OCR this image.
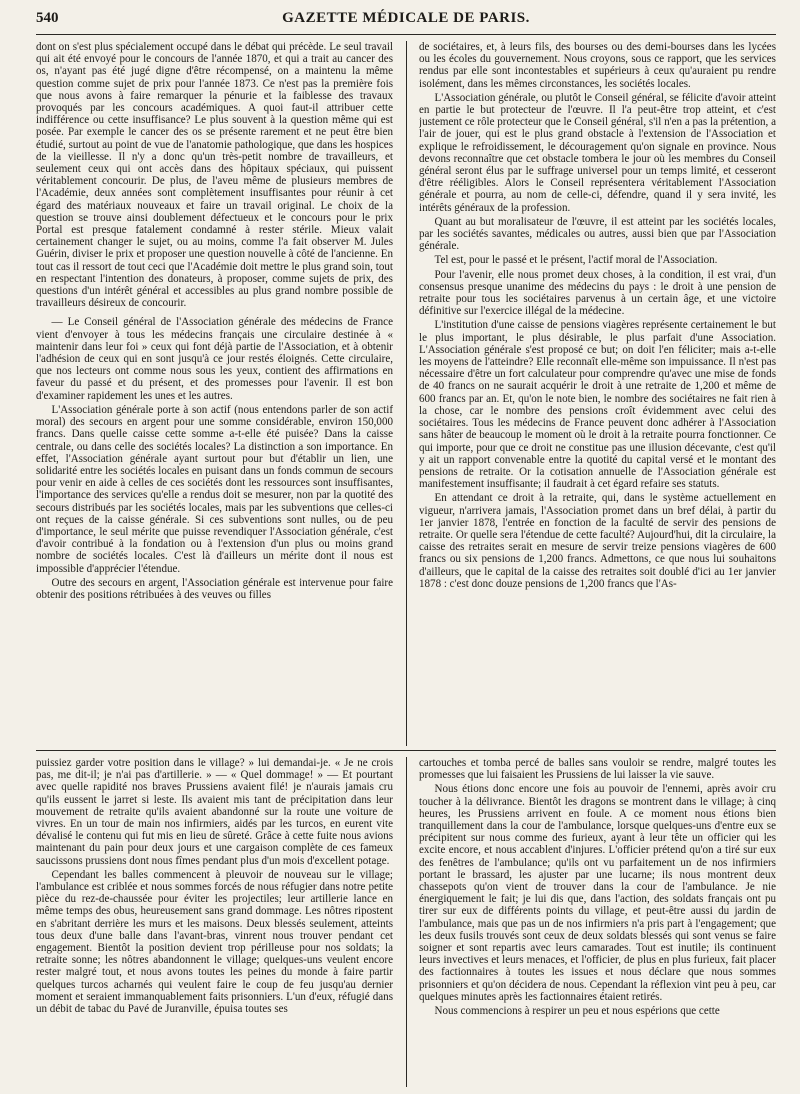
540	GAZETTE MÉDICALE DE PARIS.

dont on s'est plus spécialement occupé dans le débat qui précède. Le seul travail qui ait été envoyé pour le concours de l'année 1870, et qui a trait au cancer des os, n'ayant pas été jugé digne d'être récompensé, on a maintenu la même question comme sujet de prix pour l'année 1873. Ce n'est pas la première fois que nous avons à faire remarquer la pénurie et la faiblesse des travaux provoqués par les concours académiques. A quoi faut-il attribuer cette indifférence ou cette insuffisance? Le plus souvent à la question même qui est posée. Par exemple le cancer des os se présente rarement et ne peut être bien étudié, surtout au point de vue de l'anatomie pathologique, que dans les hospices de la vieillesse. Il n'y a donc qu'un très-petit nombre de travailleurs, et seulement ceux qui ont accès dans des hôpitaux spéciaux, qui puissent véritablement concourir. De plus, de l'aveu même de plusieurs membres de l'Académie, deux années sont complètement insuffisantes pour réunir à cet égard des matériaux nouveaux et faire un travail original. Le choix de la question se trouve ainsi doublement défectueux et le concours pour le prix Portal est presque fatalement condamné à rester stérile. Mieux valait certainement changer le sujet, ou au moins, comme l'a fait observer M. Jules Guérin, diviser le prix et proposer une question nouvelle à côté de l'ancienne. En tout cas il ressort de tout ceci que l'Académie doit mettre le plus grand soin, tout en respectant l'intention des donateurs, à proposer, comme sujets de prix, des questions d'un intérêt général et accessibles au plus grand nombre possible de travailleurs désireux de concourir.

— Le Conseil général de l'Association générale des médecins de France vient d'envoyer à tous les médecins français une circulaire destinée à « maintenir dans leur foi » ceux qui font déjà partie de l'Association, et à obtenir l'adhésion de ceux qui en sont jusqu'à ce jour restés éloignés. Cette circulaire, que nos lecteurs ont comme nous sous les yeux, contient des affirmations en faveur du passé et du présent, et des promesses pour l'avenir. Il est bon d'examiner rapidement les unes et les autres.

L'Association générale porte à son actif (nous entendons parler de son actif moral) des secours en argent pour une somme considérable, environ 150,000 francs. Dans quelle caisse cette somme a-t-elle été puisée? Dans la caisse centrale, ou dans celle des sociétés locales? La distinction a son importance. En effet, l'Association générale ayant surtout pour but d'établir un lien, une solidarité entre les sociétés locales en puisant dans un fonds commun de secours pour venir en aide à celles de ces sociétés dont les ressources sont insuffisantes, l'importance des services qu'elle a rendus doit se mesurer, non par la quotité des secours distribués par les sociétés locales, mais par les subventions que celles-ci ont reçues de la caisse générale. Si ces subventions sont nulles, ou de peu d'importance, le seul mérite que puisse revendiquer l'Association générale, c'est d'avoir contribué à la fondation ou à l'extension d'un plus ou moins grand nombre de sociétés locales. C'est là d'ailleurs un mérite dont il nous est impossible d'apprécier l'étendue.

Outre des secours en argent, l'Association générale est intervenue pour faire obtenir des positions rétribuées à des veuves ou filles

de sociétaires, et, à leurs fils, des bourses ou des demi-bourses dans les lycées ou les écoles du gouvernement. Nous croyons, sous ce rapport, que les services rendus par elle sont incontestables et supérieurs à ceux qu'auraient pu rendre isolément, dans les mêmes circonstances, les sociétés locales.

L'Association générale, ou plutôt le Conseil général, se félicite d'avoir atteint en partie le but protecteur de l'œuvre. Il l'a peut-être trop atteint, et c'est justement ce rôle protecteur que le Conseil général, s'il n'en a pas la prétention, a l'air de jouer, qui est le plus grand obstacle à l'extension de l'Association et explique le refroidissement, le découragement qu'on signale en province. Nous devons reconnaître que cet obstacle tombera le jour où les membres du Conseil général seront élus par le suffrage universel pour un temps limité, et cesseront d'être rééligibles. Alors le Conseil représentera véritablement l'Association générale et pourra, au nom de celle-ci, défendre, quand il y sera invité, les intérêts généraux de la profession.

Quant au but moralisateur de l'œuvre, il est atteint par les sociétés locales, par les sociétés savantes, médicales ou autres, aussi bien que par l'Association générale.

Tel est, pour le passé et le présent, l'actif moral de l'Association.

Pour l'avenir, elle nous promet deux choses, à la condition, il est vrai, d'un consensus presque unanime des médecins du pays : le droit à une pension de retraite pour tous les sociétaires parvenus à un certain âge, et une victoire définitive sur l'exercice illégal de la médecine.

L'institution d'une caisse de pensions viagères représente certainement le but le plus important, le plus désirable, le plus parfait d'une Association. L'Association générale s'est proposé ce but; on doit l'en féliciter; mais a-t-elle les moyens de l'atteindre? Elle reconnaît elle-même son impuissance. Il n'est pas nécessaire d'être un fort calculateur pour comprendre qu'avec une mise de fonds de 40 francs on ne saurait acquérir le droit à une retraite de 1,200 et même de 600 francs par an. Et, qu'on le note bien, le nombre des sociétaires ne fait rien à la chose, car le nombre des pensions croît évidemment avec celui des sociétaires. Tous les médecins de France peuvent donc adhérer à l'Association sans hâter de beaucoup le moment où le droit à la retraite pourra fonctionner. Ce qui importe, pour que ce droit ne constitue pas une illusion décevante, c'est qu'il y ait un rapport convenable entre la quotité du capital versé et le montant des pensions de retraite. Or la cotisation annuelle de l'Association générale est manifestement insuffisante; il faudrait à cet égard refaire ses statuts.

En attendant ce droit à la retraite, qui, dans le système actuellement en vigueur, n'arrivera jamais, l'Association promet dans un bref délai, à partir du 1er janvier 1878, l'entrée en fonction de la faculté de servir des pensions de retraite. Or quelle sera l'étendue de cette faculté? Aujourd'hui, dit la circulaire, la caisse des retraites serait en mesure de servir treize pensions viagères de 600 francs ou six pensions de 1,200 francs. Admettons, ce que nous lui souhaitons d'ailleurs, que le capital de la caisse des retraites soit doublé d'ici au 1er janvier 1878 : c'est donc douze pensions de 1,200 francs que l'As-

puissiez garder votre position dans le village? » lui demandai-je. « Je ne crois pas, me dit-il; je n'ai pas d'artillerie. » — « Quel dommage! » — Et pourtant avec quelle rapidité nos braves Prussiens avaient filé! je n'aurais jamais cru qu'ils eussent le jarret si leste. Ils avaient mis tant de précipitation dans leur mouvement de retraite qu'ils avaient abandonné sur la route une voiture de vivres. En un tour de main nos infirmiers, aidés par les turcos, en eurent vite dévalisé le contenu qui fut mis en lieu de sûreté. Grâce à cette fuite nous avions maintenant du pain pour deux jours et une cargaison complète de ces fameux saucissons prussiens dont nous fîmes pendant plus d'un mois d'excellent potage.

Cependant les balles commencent à pleuvoir de nouveau sur le village; l'ambulance est criblée et nous sommes forcés de nous réfugier dans notre petite pièce du rez-de-chaussée pour éviter les projectiles; leur artillerie lance en même temps des obus, heureusement sans grand dommage. Les nôtres ripostent en s'abritant derrière les murs et les maisons. Deux blessés seulement, atteints tous deux d'une balle dans l'avant-bras, vinrent nous trouver pendant cet engagement. Bientôt la position devient trop périlleuse pour nos soldats; la retraite sonne; les nôtres abandonnent le village; quelques-uns veulent encore rester malgré tout, et nous avons toutes les peines du monde à faire partir quelques turcos acharnés qui veulent faire le coup de feu jusqu'au dernier moment et seraient immanquablement faits prisonniers. L'un d'eux, réfugié dans un débit de tabac du Pavé de Juranville, épuisa toutes ses

cartouches et tomba percé de balles sans vouloir se rendre, malgré toutes les promesses que lui faisaient les Prussiens de lui laisser la vie sauve.

Nous étions donc encore une fois au pouvoir de l'ennemi, après avoir cru toucher à la délivrance. Bientôt les dragons se montrent dans le village; à cinq heures, les Prussiens arrivent en foule. A ce moment nous étions bien tranquillement dans la cour de l'ambulance, lorsque quelques-uns d'entre eux se précipitent sur nous comme des furieux, ayant à leur tête un officier qui les excite encore, et nous accablent d'injures. L'officier prétend qu'on a tiré sur eux des fenêtres de l'ambulance; qu'ils ont vu parfaitement un de nos infirmiers portant le brassard, les ajuster par une lucarne; ils nous montrent deux chassepots qu'on vient de trouver dans la cour de l'ambulance. Je nie énergiquement le fait; je lui dis que, dans l'action, des soldats français ont pu tirer sur eux de différents points du village, et peut-être aussi du jardin de l'ambulance, mais que pas un de nos infirmiers n'a pris part à l'engagement; que les deux fusils trouvés sont ceux de deux soldats blessés qui sont venus se faire soigner et sont repartis avec leurs camarades. Tout est inutile; ils continuent leurs invectives et leurs menaces, et l'officier, de plus en plus furieux, fait placer des factionnaires à toutes les issues et nous déclare que nous sommes prisonniers et qu'on décidera de nous. Cependant la réflexion vint peu à peu, car quelques minutes après les factionnaires étaient retirés.

Nous commencions à respirer un peu et nous espérions que cette
